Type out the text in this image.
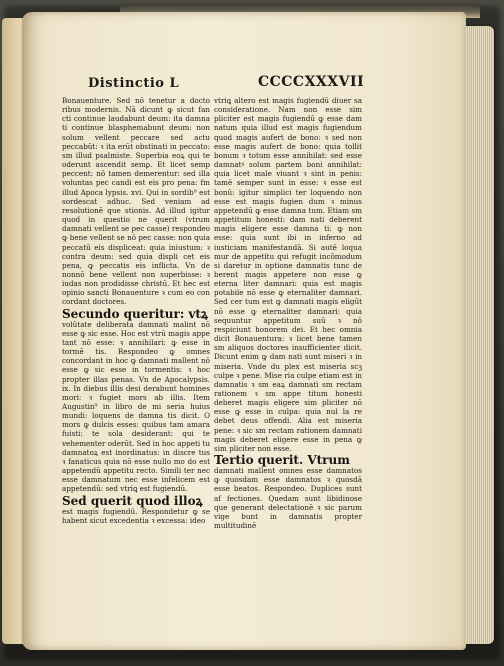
Distinctio L	CCCCXXXVII

Bonauenture. Sed nō tenetur a docto ribus modernis. Nā dicunt ꝙ sicut fan cti continue laudabunt deum: ita damna ti continue blasphemabunt deum: non solum vellent peccare sed actu peccabūt: ꝛ ita erūt obstinati in peccato: sm illud psalmiste. Superbia eoꝝ qui te oderunt ascendit semꝑ. Et licet semp peccent: nō tamen demerentur: sed illa voluntas pec candi est eis pro pena: fm illud Apoca lypsis. xvi. Qui in sordib⁹ est sordescat adhuc. Sed veniam ad resolutionē que stionis. Ad illud igitur quod in questio ne querit (vtrum damnati vellent se pec casse) respondeo ꝙ bene vellent se nō pec casse: non quia peccatū eis displiceat: quia iniustum: ꝛ contra deum: sed quia displi cet eis pena, ꝙ peccatis eis inflicta. Vn de nonnō bene vellent non superbisse: ꝛ iudas non prodidisse christū. Et hec est opinio sancti Bonauenture ꝛ cum eo con cordant doctores.

Secundo queritur: vtꝝ

volūtate deliberata damnati malint nō esse ꝙ sic esse. Hoc est vtrū magis appe tant nō esse: ꝛ annihilari: ꝙ esse in tormē tis. Respondeo ꝙ omnes concordant in hoc ꝙ damnati mallent nō esse ꝙ sic esse in tormentis: ꝛ hoc propter illas penas. Vn de Apocalypsis. ix. In diebus illis desi derabunt homines mori: ꝛ fugiet mors ab illis. Item Augustin⁹ in libro de mi seria huius mundi: loquens de damna tis dicit. O mors ꝙ dulcis esses: quibus tam amara fuisti: te sola desiderant: qui te vehementer oderūt. Sed in hoc appeti tu damnatoꝝ est inordinatus: in discre tus ꝛ fanaticus quia nō esse nullo mo do est appetendū appetitu recto. Simili ter nec esse damnatum nec esse infelicem est appetendū: sed vtriꝗ est fugiendū.

Sed querit quod illoꝝ

est magis fugiendū. Respondetur ꝙ se habent sicut excedentia ꝛ excessa: ideo

vtriꝗ altero est magis fugiendū diuer sa consideratione. Nam non esse sim pliciter est magis fugiendū ꝙ esse dam natum quia illud est magis fugiendum quod magis aufert de bono: ꝛ sed non esse magis aufert de bono: quia tollit bonum ꝛ totum esse annihilat: sed esse damnatꝰ solum partem boni annihilat: quia licet male viuant ꝛ sint in penis: tamē semper sunt in esse: ꝛ esse est bonū: igitur simplici ter loquendo non esse est magis fugien dum ꝛ minus appetendū ꝙ esse damna tum. Etiam sm appetitum honesti: dam nati deberent magis eligere esse damna ti: ꝙ non esse: quia sunt ibi in inferno ad iusticiam manifestandā. Si autē loqua mur de appetitu qui refugit incōmodum si daretur in optione damnatis tunc de berent magis appetere non esse ꝙ eterna liter damnari: quia est magis potabile nō esse ꝙ eternaliter damnari. Sed cer tum est ꝙ damnati magis eligūt nō esse ꝙ eternaliter damnari: quia sequuntur appetitum suū ꝛ nō respiciunt honorem dei. Et hec omnia dicit Bonauentura: ꝛ licet bene tamen sm aliquos doctores insufficienter dicit. Dicunt enim ꝙ dam nati sunt miseri ꝛ in miseria. Vnde du plex est miseria scꝫ culpe ꝛ pene. Mise ria culpe etiam est in damnatis ꝛ sm eaꝝ damnati sm rectam rationem ꝛ sm appe titum honesti deberet magis eligere sim pliciter nō esse ꝙ esse in culpa: quia nul la re debet deus offendi. Alia est miseria pene: ꝛ sic sm rectam rationem damnati magis deberet eligere esse in pena ꝙ sim pliciter non esse.

Tertio querit. Vtrum

damnati mallent omnes esse damnatos ꝙ quosdam esse damnatos ꝛ quosdā esse beatos. Respondeo. Duplices sunt af fectiones. Quedam sunt libidinose que generant delectationē ꝛ sic parum vige bunt in damnatis propter multitudinē
